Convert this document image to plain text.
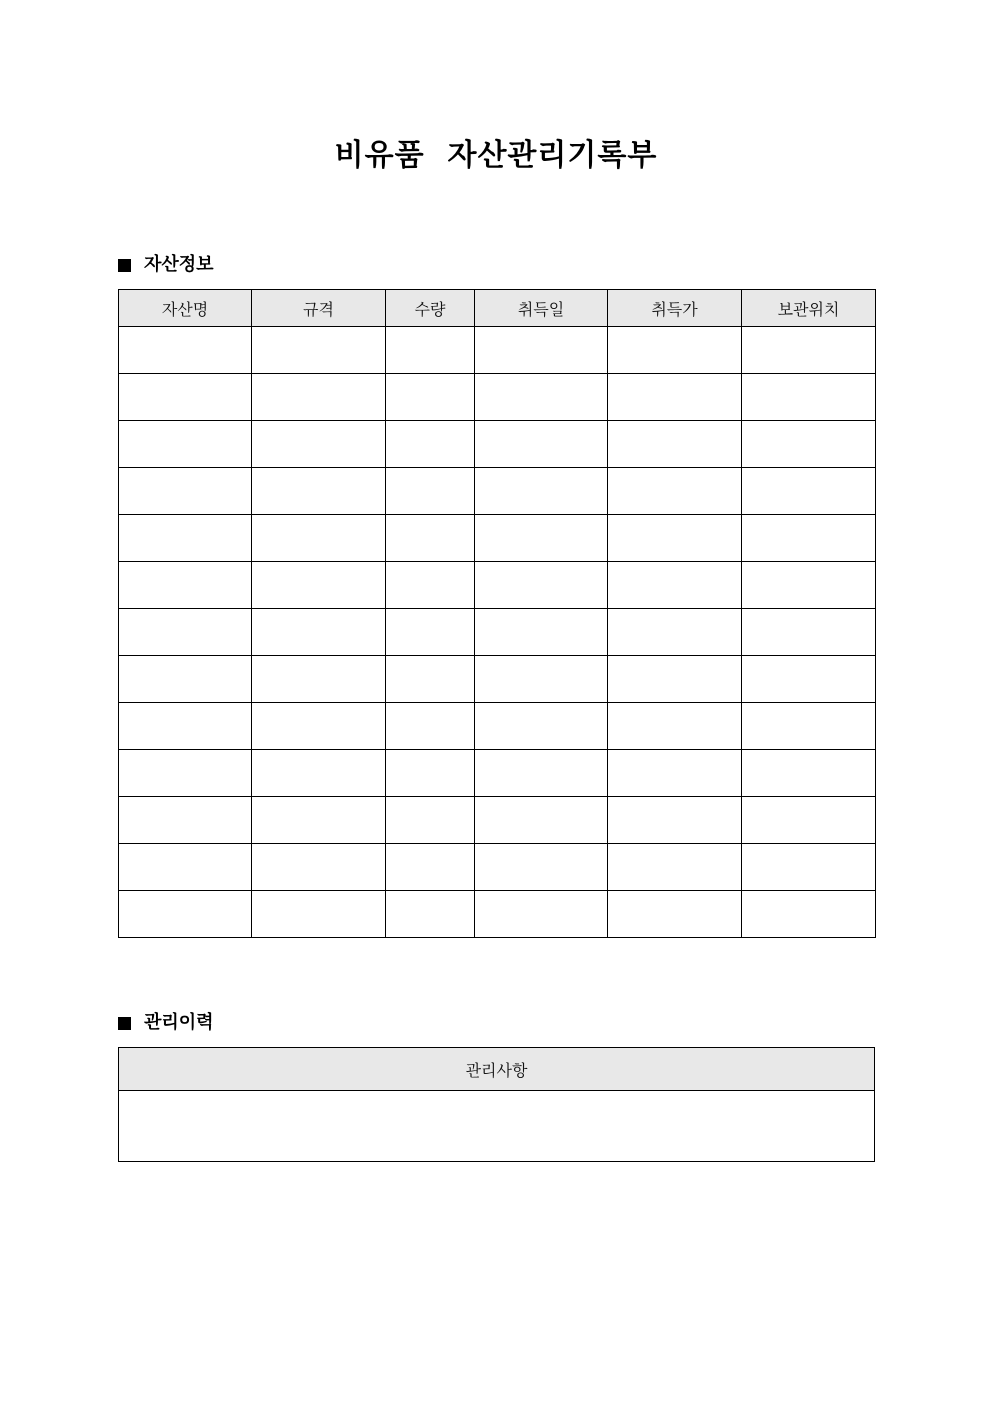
비유품  자산관리기록부
자산정보
자산명	규격	수량	취득일	취득가	보관위치

관리이력
관리사항
